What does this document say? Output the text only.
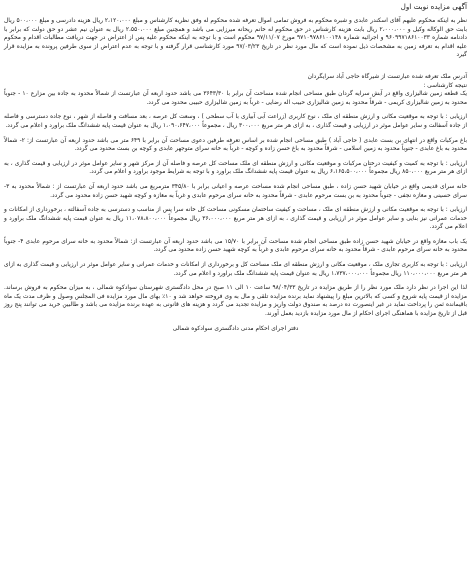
آگهی مزایده نوبت اول

نظر به اینکه محکوم علیهم آقای اسکندر عابدی و شبره محکوم به فروش تمامی اموال تعرفه شده محکوم له وفق نظریه کارشناس و مبلغ ۲،۱۲۰،۰۰۰ ریال هزینه دادرسی و مبلغ ۵۰۰،۰۰۰ ریال بابت حق الوکاله وکیل و ۲،۰۰۰،۰۰۰ ریال بابت هزینه کارشناس در حق محکوم له خانم ریحانه میرزایی می باشد و همچنین مبلغ ۲،۵۵۰،۰۰۰ ریال به عنوان نیم عشر دو حق دولت که برابر با دادنامه شماره ۹۶۰۹۹۷۱۸۶۱۰۰۳۳ و اجرائیه شماره ۹۷۱۰۹۷۸۶۱۰۰۱۴۸ مورخ ۹۷/۱۱/۰۷ محکوم است و با توجه به اینکه محکوم علیه پس از اعتراض در جهت دریافت مطالبات اقدام و محکوم علیه اقدام به تعرفه زمین به مشخصات ذیل نموده است که مال مورد نظر در تاریخ ۹۷/۰۳/۲۳ مورد کارشناسی قرار گرفته و با توجه به عدم اعتراض از سوی طرفین پرونده به مزایده قرار گیرد

آدرس ملک تعرفه شده عبارتست از شیرگاه حاجی آباد سرایگردان

نتیجه کارشناسی :

یک قطعه زمین شالیزاری واقع در آبش سرایه گردان طبق مساحی انجام شده مساحت آن برابر با ۳۶۴۳/۳۰ می باشد حدود اربعه آن عبارتست از شمالاً محدود به جاده بین مزارع ۱۰ - جنوباً محدود به زمین شالیزاری کریمی - شرقاً محدود به زمین شالیزاری حبیب اله رضایی - غرباً به زمین شالیزاری حبیبی محدود می گردد.

ارزیابی : با توجه به موقعیت مکانی و ارزش منطقه ای ملک ، نوع کاربری (زراعت آبی آبیاری با آب سطحی ) ، وسعت کل عرصه ، بعد مسافت و فاصله از شهر ، نوع جاده دسترسی و فاصله از جاده آسفالت و سایر عوامل موثر در ارزیابی و قیمت گذاری ، به ازای هر متر مربع ۳۰۰،۰۰۰ ریال ، مجموعاً ۱،۰۹۰،۶۴۷،۰۰۰ ریال به عنوان قیمت پایه ششدانگ ملک براورد و اعلام می گردد.

باغ مرکبات واقع در انتهای بن بست عابدی ( حاجی آباد ) طبق مساحی انجام شده بر اساس تعرفه طرفین دعوی مساحت آن برابر با ۶۴۹ متر می باشد حدود اربعه آن عبارتست از: ۲- شمالاً محدود به باغ عابدی - جنوباً محدود به زمین اسلامی - شرقاً محدود به باغ حسن زاده و کوچه - غرباً به خانه سرای متوجهر عابدی و کوچه بن بست محدود می گردد.

ارزیابی : با توجه به کمیت و کیفیت درختان مرکبات و موقعیت مکانی و ارزش منطقه ای ملک مساحت کل عرصه و فاصله آن از مرکز شهر و سایر عوامل موثر در ارزیابی و قیمت گذاری ، به ازای هر متر مربع ۸۵۰،۰۰۰ ریال مجموعاً ۶،۱۶۵،۵۰۰،۰۰۰ ریال به عنوان قیمت پایه ششدانگ ملک براورد و با توجه به شرایط موجود براورد و اعلام می گردد.

خانه سرای قدیمی واقع در خیابان شهید حسن زاده ، طبق مساحی انجام شده مساحت عرصه و اعیانی برابر با ۳۴۵/۸۰ مترمربع می باشد حدود اربعه آن عبارتست از : شمالاً محدود به ۳- سرای حسینی و مغازه نجفی - جنوباً محدود به بن بست مرحوم عابدی - شرقاً محدود به خانه سرای مرحوم عابدی و غرباً به مغازه و کوچه شهید حسن زاده محدود می گردد.

ارزیابی : با توجه به موقعیت مکانی و ارزش منطقه ای ملک ، مساحت و کیفیت ساختمان مسکونی مساحت کل خانه سرا پس از مناسب و دسترسی به جاده آسفالته ، برخورداری از امکانات و خدمات عمرانی نیز بنایی و سایر عوامل موثر در ارزیابی و قیمت گذاری ، به ازای هر متر مربع ۳۶،۰۰۰،۰۰۰ ریال مجموعاً ۱۱،۰۷۸،۸۰۰،۰۰۰ ریال به عنوان قیمت پایه ششدانگ ملک براورد و اعلام می گردد.

یک باب مغازه واقع در خیابان شهید حسن زاده طبق مساحی انجام شده مساحت آن برابر با ۱۵/۷۰ می باشد حدود اربعه آن عبارتست از: شمالاً محدود به خانه سرای مرحوم عابدی ۴- جنوباً محدود به خانه سرای مرحوم عابدی - شرقاً محدود به خانه سرای مرحوم عابدی و غرباً به کوچه شهید حسن زاده محدود می گردد.

ارزیابی : با توجه به کاربری تجاری ملک ، موقعیت مکانی و ارزش منطقه ای ملک مساحت کل و برخورداری از امکانات و خدمات عمرانی و سایر عوامل موثر در ارزیابی و قیمت گذاری به ازای هر متر مربع ۱۱۰،۰۰۰،۰۰۰ ریال مجموعاً ۱،۷۳۷،۰۰۰،۰۰۰ ریال به عنوان قیمت پایه ششدانگ ملک براورد و اعلام می گردد.

لذا این اجرا در نظر دارد ملک مورد نظر را از طریق مزایده در تاریخ ۹۸/۰۴/۳۳ ساعت ۱۰ الی ۱۱ صبح در محل دادگستری شهرستان سوادکوه شمالی ، به میزان محکوم به فروش برساند. مزایده از قیمت پایه شروع و کسی که بالاترین مبلغ را پیشنهاد نماید برنده مزایده تلقی و مال به وی فروخته خواهد شد و ۱۰٪ بهای مال مورد مزایده فی المجلس وصول و ظرف مدت یک ماه باقیمانده ثمن را پرداخت نماید در غیر اینصورت ده درصد به صندوق دولت واریز و مزایده تجدید می گردد و هزینه های قانونی به عهده برنده مزایده می باشد و طالبین خرید می توانند پنج روز قبل از تاریخ مزایده با هماهنگی اجرای احکام از مال مورد مزایده بازدید بعمل آورند.

دفتر اجرای احکام مدنی دادگستری سوادکوه شمالی
